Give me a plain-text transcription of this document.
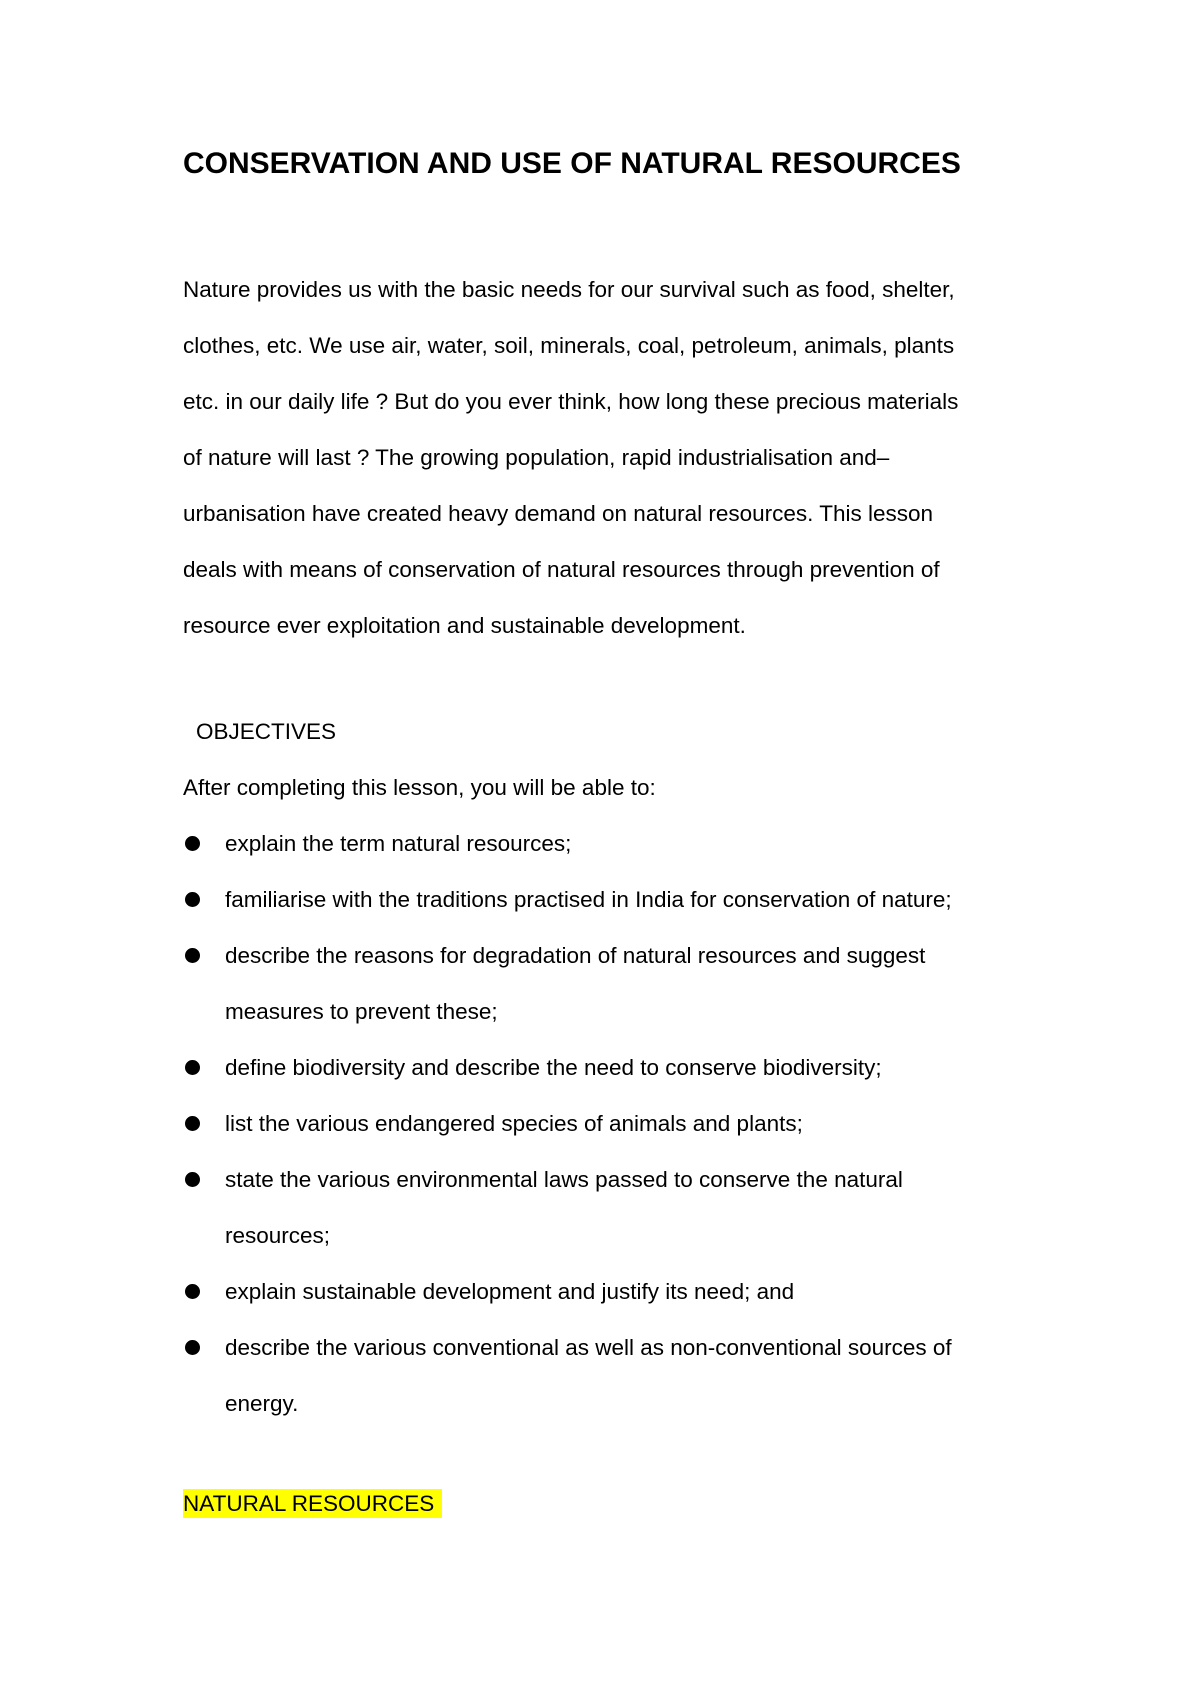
CONSERVATION AND USE OF NATURAL RESOURCES

Nature provides us with the basic needs for our survival such as food, shelter,
clothes, etc. We use air, water, soil, minerals, coal, petroleum, animals, plants
etc. in our daily life ? But do you ever think, how long these precious materials
of nature will last ? The growing population, rapid industrialisation and–
urbanisation have created heavy demand on natural resources. This lesson
deals with means of conservation of natural resources through prevention of
resource ever exploitation and sustainable development.

OBJECTIVES

After completing this lesson, you will be able to:

explain the term natural resources;
familiarise with the traditions practised in India for conservation of nature;
describe the reasons for degradation of natural resources and suggest
measures to prevent these;
define biodiversity and describe the need to conserve biodiversity;
list the various endangered species of animals and plants;
state the various environmental laws passed to conserve the natural
resources;
explain sustainable development and justify its need; and
describe the various conventional as well as non-conventional sources of
energy.
NATURAL RESOURCES
